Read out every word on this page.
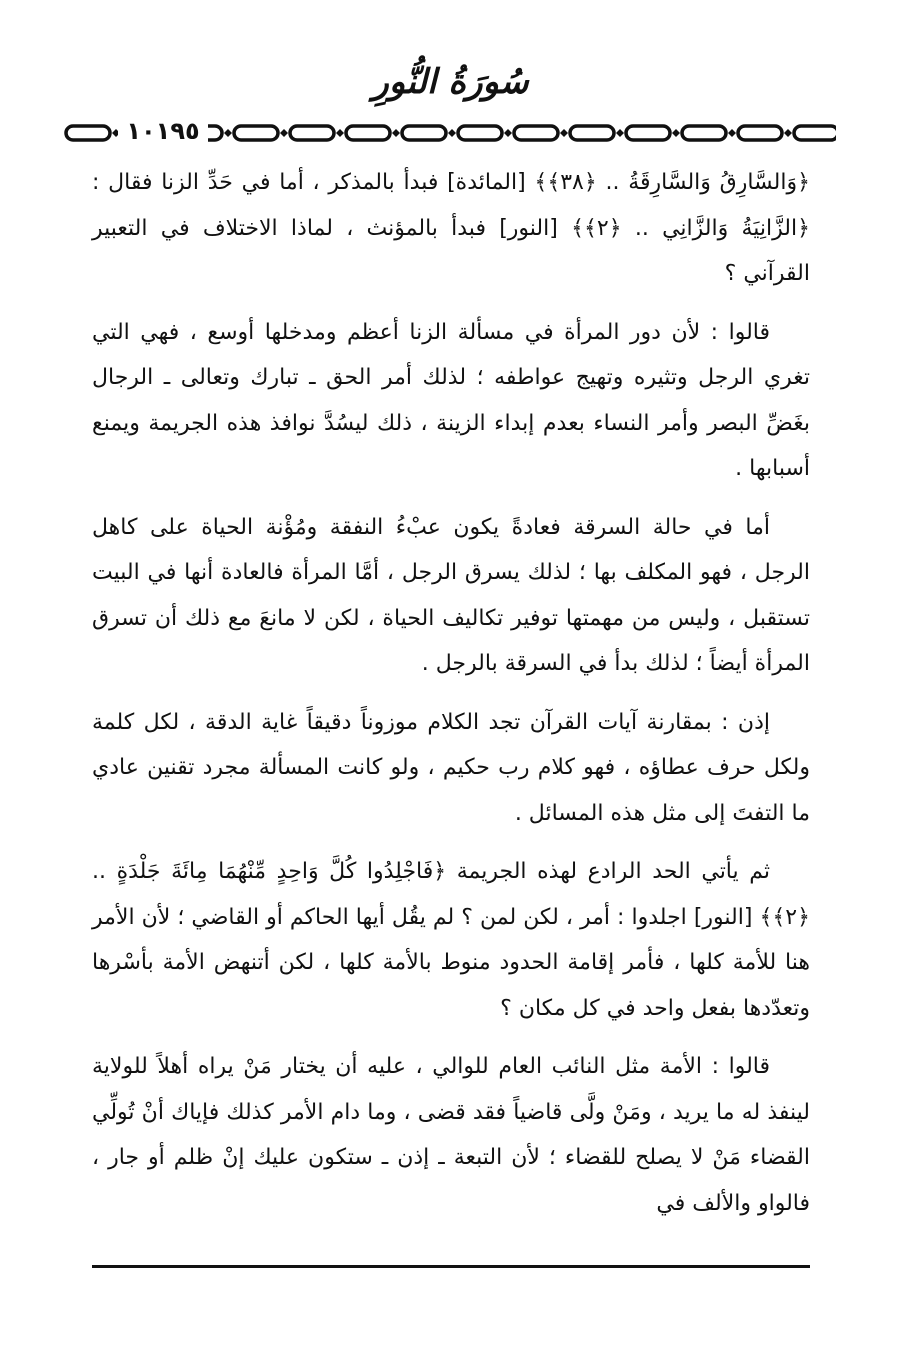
سُورَةُ النُّورِ
١٠١٩٥

﴿وَالسَّارِقُ وَالسَّارِقَةُ .. ﴿٣٨﴾﴾ [المائدة] فبدأ بالمذكر ، أما في حَدِّ الزنا فقال : ﴿الزَّانِيَةُ وَالزَّانِي .. ﴿٢﴾﴾ [النور] فبدأ بالمؤنث ، لماذا الاختلاف في التعبير القرآني ؟

قالوا : لأن دور المرأة في مسألة الزنا أعظم ومدخلها أوسع ، فهي التي تغري الرجل وتثيره وتهيج عواطفه ؛ لذلك أمر الحق ـ تبارك وتعالى ـ الرجال بغَضِّ البصر وأمر النساء بعدم إبداء الزينة ، ذلك ليسُدَّ نوافذ هذه الجريمة ويمنع أسبابها .

أما في حالة السرقة فعادةً يكون عبْءُ النفقة ومُؤْنة الحياة على كاهل الرجل ، فهو المكلف بها ؛ لذلك يسرق الرجل ، أمَّا المرأة فالعادة أنها في البيت تستقبل ، وليس من مهمتها توفير تكاليف الحياة ، لكن لا مانعَ مع ذلك أن تسرق المرأة أيضاً ؛ لذلك بدأ في السرقة بالرجل .

إذن : بمقارنة آيات القرآن تجد الكلام موزوناً دقيقاً غاية الدقة ، لكل كلمة ولكل حرف عطاؤه ، فهو كلام رب حكيم ، ولو كانت المسألة مجرد تقنين عادي ما التفتَ إلى مثل هذه المسائل .

ثم يأتي الحد الرادع لهذه الجريمة ﴿فَاجْلِدُوا كُلَّ وَاحِدٍ مِّنْهُمَا مِائَةَ جَلْدَةٍ .. ﴿٢﴾﴾ [النور] اجلدوا : أمر ، لكن لمن ؟ لم يقُل أيها الحاكم أو القاضي ؛ لأن الأمر هنا للأمة كلها ، فأمر إقامة الحدود منوط بالأمة كلها ، لكن أتنهض الأمة بأسْرها وتعدّدها بفعل واحد في كل مكان ؟

قالوا : الأمة مثل النائب العام للوالي ، عليه أن يختار مَنْ يراه أهلاً للولاية لينفذ له ما يريد ، ومَنْ ولَّى قاضياً فقد قضى ، وما دام الأمر كذلك فإياك أنْ تُولِّي القضاء مَنْ لا يصلح للقضاء ؛ لأن التبعة ـ إذن ـ ستكون عليك إنْ ظلم أو جار ، فالواو والألف في
